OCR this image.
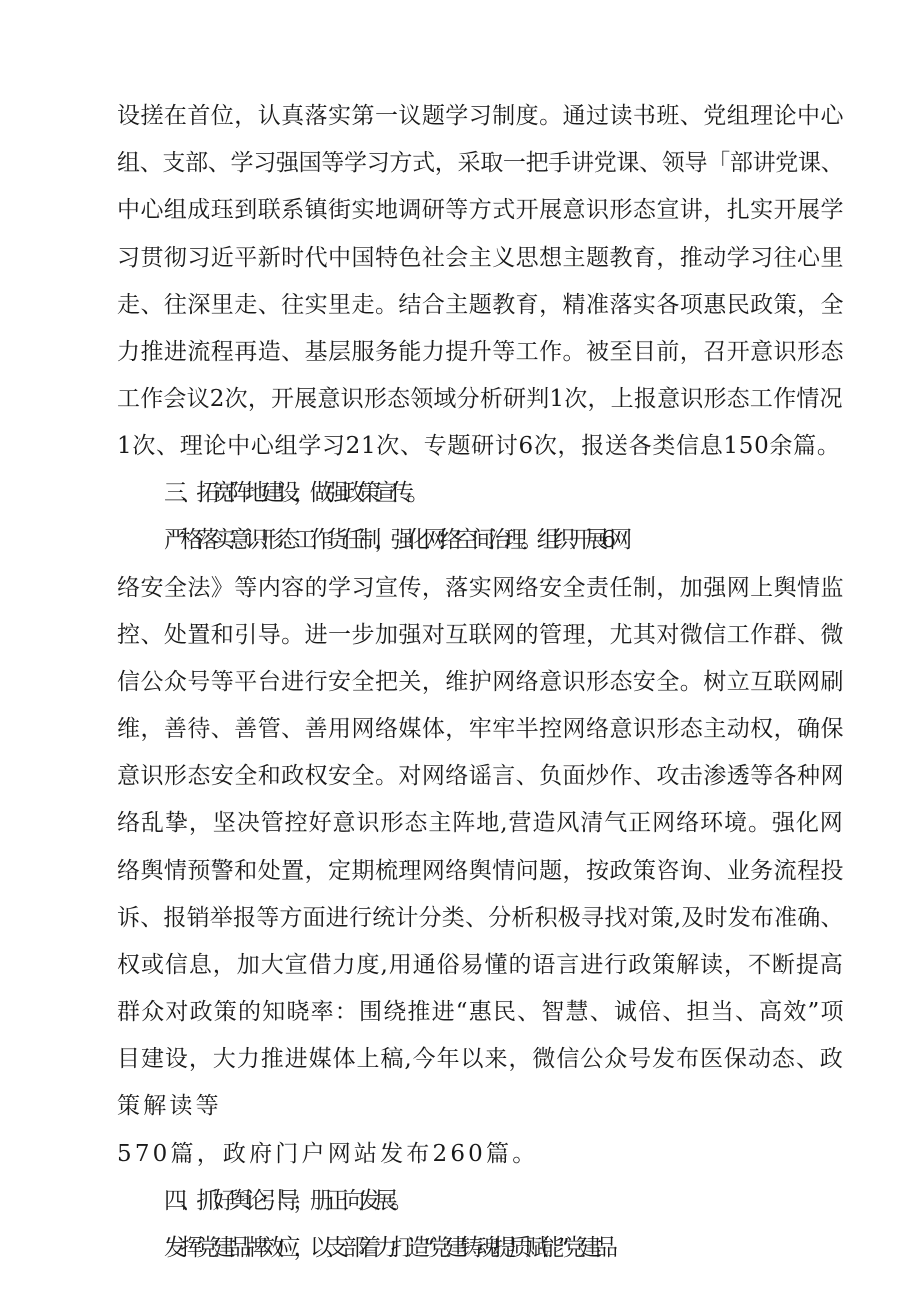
设搓在首位，认真落实第一议题学习制度。通过读书班、党组理论中心
组、支部、学习强国等学习方式，采取一把手讲党课、领导「部讲党课、
中心组成珏到联系镇街实地调研等方式开展意识形态宣讲，扎实开展学
习贯彻习近平新时代中国特色社会主义思想主题教育，推动学习往心里
走、往深里走、往实里走。结合主题教育，精准落实各项惠民政策，全
力推进流程再造、基层服务能力提升等工作。被至目前，召开意识形态
工作会议2次，开展意识形态领域分析研判1次，上报意识形态工作情况
1次、理论中心组学习21次、专题研讨6次，报送各类信息150余篇。
三、拓宽阵地建设，做强政策宣传。
严格落实意识形态工作货任制，强化网络空间治理。组织开展6网
络安全法》等内容的学习宣传，落实网络安全责任制，加强网上舆情监
控、处置和引导。进一步加强对互联网的管理，尤其对微信工作群、微
信公众号等平台进行安全把关，维护网络意识形态安全。树立互联网刷
维，善待、善管、善用网络媒体，牢牢半控网络意识形态主动权，确保
意识形态安全和政权安全。对网络谣言、负面炒作、攻击渗透等各种网
络乱挚，坚决管控好意识形态主阵地,营造风清气正网络环境。强化网
络舆情预警和处置，定期梳理网络舆情问题，按政策咨询、业务流程投
诉、报销举报等方面进行统计分类、分析积极寻找对策,及时发布准确、
权或信息，加大宣借力度,用通俗易懂的语言进行政策解读，不断提高
群众对政策的知晓率：围绕推进“惠民、智慧、诚倍、担当、高效”项
目建设，大力推进媒体上稿,今年以来，微信公众号发布医保动态、政
策解读等
570篇，政府门户网站发布260篇。
四、抓好舆论引导，册正向发展。
发挥党建品牌效应，以支部着力打造“党建铸魂提质赋能”党建品
